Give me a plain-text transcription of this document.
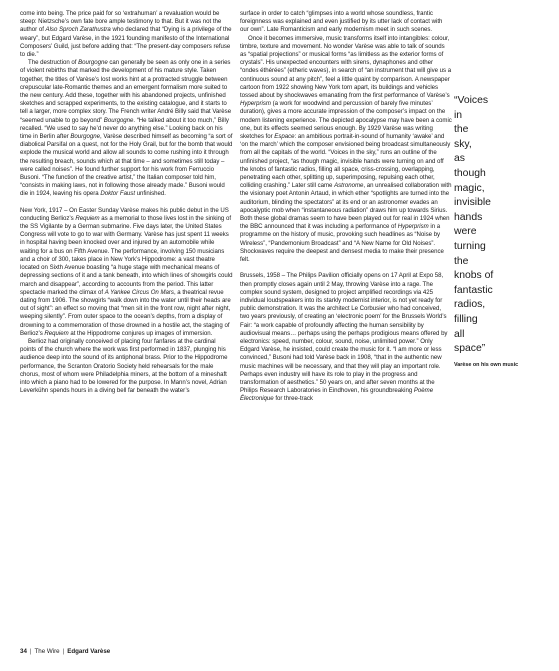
come into being. The price paid for so ‘extrahuman’ a revaluation would be steep: Nietzsche’s own fate bore ample testimony to that. But it was not the author of Also Sproch Zarathustra who declared that “Dying is a privilege of the weary”, but Edgard Varèse, in the 1921 founding manifesto of the International Composers’ Guild, just before adding that: “The present-day composers refuse to die.”

The destruction of Bourgogne can generally be seen as only one in a series of violent rebirths that marked the development of his mature style. Taken together, the titles of Varèse’s lost works hint at a protracted struggle between crepuscular late-Romantic themes and an emergent formalism more suited to the new century. Add these, together with his abandoned projects, unfinished sketches and scrapped experiments, to the existing catalogue, and it starts to tell a larger, more complex story. The French writer André Billy said that Varèse “seemed unable to go beyond” Bourgogne. “He talked about it too much,” Billy recalled. “We used to say he’d never do anything else.” Looking back on his time in Berlin after Bourgogne, Varèse described himself as becoming “a sort of diabolical Parsifal on a quest, not for the Holy Grail, but for the bomb that would explode the musical world and allow all sounds to come rushing into it through the resulting breach, sounds which at that time – and sometimes still today – were called noises”. He found further support for his work from Ferruccio Busoni. “The function of the creative artist,” the Italian composer told him, “consists in making laws, not in following those already made.” Busoni would die in 1924, leaving his opera Doktor Faust unfinished.

New York, 1917 – On Easter Sunday Varèse makes his public debut in the US conducting Berlioz’s Requiem as a memorial to those lives lost in the sinking of the SS Vigilante by a German submarine. Five days later, the United States Congress will vote to go to war with Germany. Varèse has just spent 11 weeks in hospital having been knocked over and injured by an automobile while waiting for a bus on Fifth Avenue. The performance, involving 150 musicians and a choir of 300, takes place in New York’s Hippodrome: a vast theatre located on Sixth Avenue boasting “a huge stage with mechanical means of depressing sections of it and a tank beneath, into which lines of showgirls could march and disappear”, according to accounts from the period. This latter spectacle marked the climax of A Yankee Circus On Mars, a theatrical revue dating from 1906. The showgirls “walk down into the water until their heads are out of sight”: an effect so moving that “men sit in the front row, night after night, weeping silently”. From outer space to the ocean’s depths, from a display of drowning to a commemoration of those drowned in a hostile act, the staging of Berlioz’s Requiem at the Hippodrome conjures up images of immersion.

Berlioz had originally conceived of placing four fanfares at the cardinal points of the church where the work was first performed in 1837, plunging his audience deep into the sound of its antiphonal brass. Prior to the Hippodrome performance, the Scranton Oratorio Society held rehearsals for the male chorus, most of whom were Philadelphia miners, at the bottom of a mineshaft into which a piano had to be lowered for the purpose. In Mann’s novel, Adrian Leverkühn spends hours in a diving bell far beneath the water’s

surface in order to catch “glimpses into a world whose soundless, frantic foreignness was explained and even justified by its utter lack of contact with our own”. Late Romanticism and early modernism meet in such scenes.

Once it becomes immersive, music transforms itself into intangibles: colour, timbre, texture and movement. No wonder Varèse was able to talk of sounds as “spatial projections” or musical forms “as limitless as the exterior forms of crystals”. His unexpected encounters with sirens, dynaphones and other “ondes éthérées” (etheric waves), in search of “an instrument that will give us a continuous sound at any pitch”, feel a little quaint by comparison. A newspaper cartoon from 1922 showing New York torn apart, its buildings and vehicles tossed about by shockwaves emanating from the first performance of Varèse’s Hyperprism (a work for woodwind and percussion of barely five minutes’ duration), gives a more accurate impression of the composer’s impact on the modern listening experience. The depicted apocalypse may have been a comic one, but its effects seemed serious enough. By 1929 Varèse was writing sketches for Espace: an ambitious portrait-in-sound of humanity ‘awake’ and ‘on the march’ which the composer envisioned being broadcast simultaneously from all the capitals of the world. “Voices in the sky,” runs an outline of the unfinished project, “as though magic, invisible hands were turning on and off the knobs of fantastic radios, filling all space, criss-crossing, overlapping, penetrating each other, splitting up, superimposing, repulsing each other, colliding crashing.” Later still came Astronome, an unrealised collaboration with the visionary poet Antonin Artaud, in which ether “spotlights are turned into the auditorium, blinding the spectators” at its end or an astronomer evades an apocalyptic mob when “instantaneous radiation” draws him up towards Sirius. Both these global dramas seem to have been played out for real in 1924 when the BBC announced that it was including a performance of Hyperprism in a programme on the history of music, provoking such headlines as “Noise by Wireless”, “Pandemonium Broadcast” and “A New Name for Old Noises”. Shockwaves require the deepest and densest media to make their presence felt.

Brussels, 1958 – The Philips Pavilion officially opens on 17 April at Expo 58, then promptly closes again until 2 May, throwing Varèse into a rage. The complex sound system, designed to project amplified recordings via 425 individual loudspeakers into its starkly modernist interior, is not yet ready for public demonstration. It was the architect Le Corbusier who had conceived, two years previously, of creating an ‘electronic poem’ for the Brussels World’s Fair: “a work capable of profoundly affecting the human sensibility by audiovisual means… perhaps using the perhaps prodigious means offered by electronics: speed, number, colour, sound, noise, unlimited power.” Only Edgard Varèse, he insisted, could create the music for it. “I am more or less convinced,” Busoni had told Varèse back in 1908, “that in the authentic new music machines will be necessary, and that they will play an important role. Perhaps even industry will have its role to play in the progress and transformation of aesthetics.” 50 years on, and after seven months at the Philips Research Laboratories in Eindhoven, his groundbreaking Poème Électronique for three-track

“Voices
in
the
sky,
as
though
magic,
invisible
hands
were
turning
the
knobs of
fantastic
radios,
filling
all
space”
Varèse on his own music
34 | The Wire | Edgard Varèse
